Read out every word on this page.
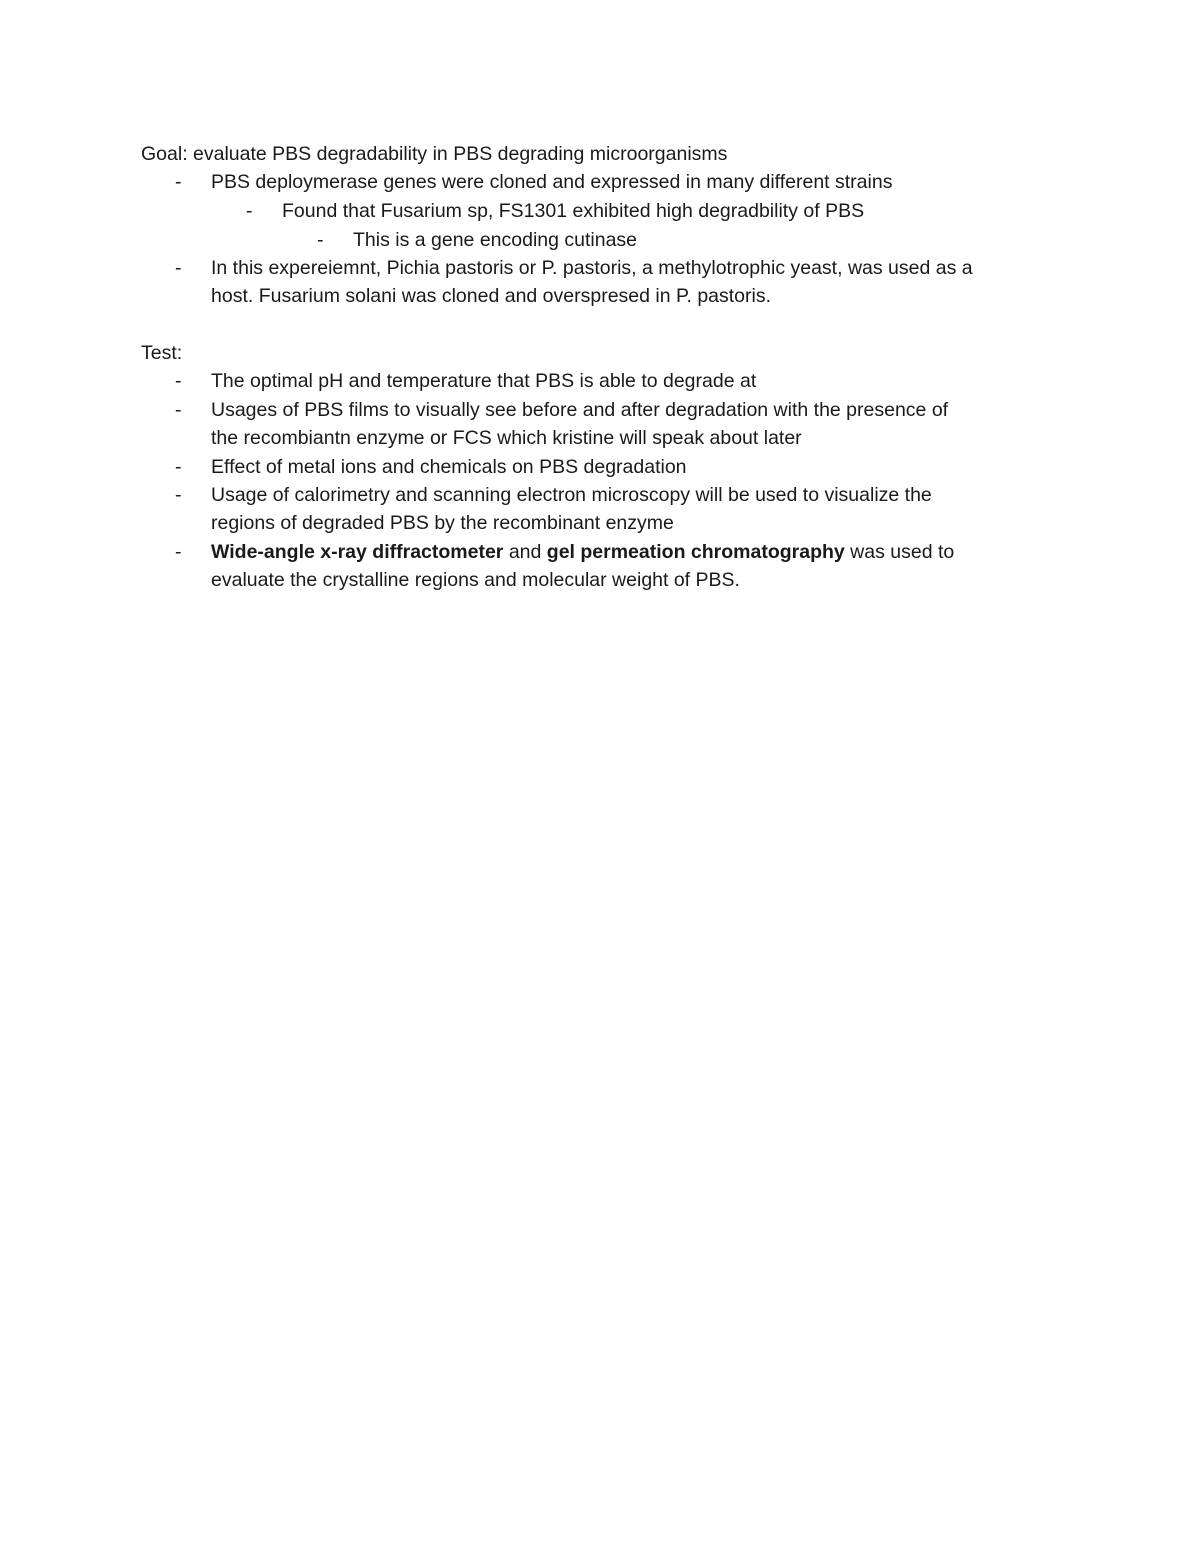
Goal: evaluate PBS degradability in PBS degrading microorganisms
- PBS deploymerase genes were cloned and expressed in many different strains
- Found that Fusarium sp, FS1301 exhibited high degradbility of PBS
- This is a gene encoding cutinase
- In this expereiemnt, Pichia pastoris or P. pastoris, a methylotrophic yeast, was used as a
host. Fusarium solani was cloned and overspresed in P. pastoris.
Test:
- The optimal pH and temperature that PBS is able to degrade at
- Usages of PBS films to visually see before and after degradation with the presence of
the recombiantn enzyme or FCS which kristine will speak about later
- Effect of metal ions and chemicals on PBS degradation
- Usage of calorimetry and scanning electron microscopy will be used to visualize the
regions of degraded PBS by the recombinant enzyme
- Wide-angle x-ray diffractometer and gel permeation chromatography was used to
evaluate the crystalline regions and molecular weight of PBS.
